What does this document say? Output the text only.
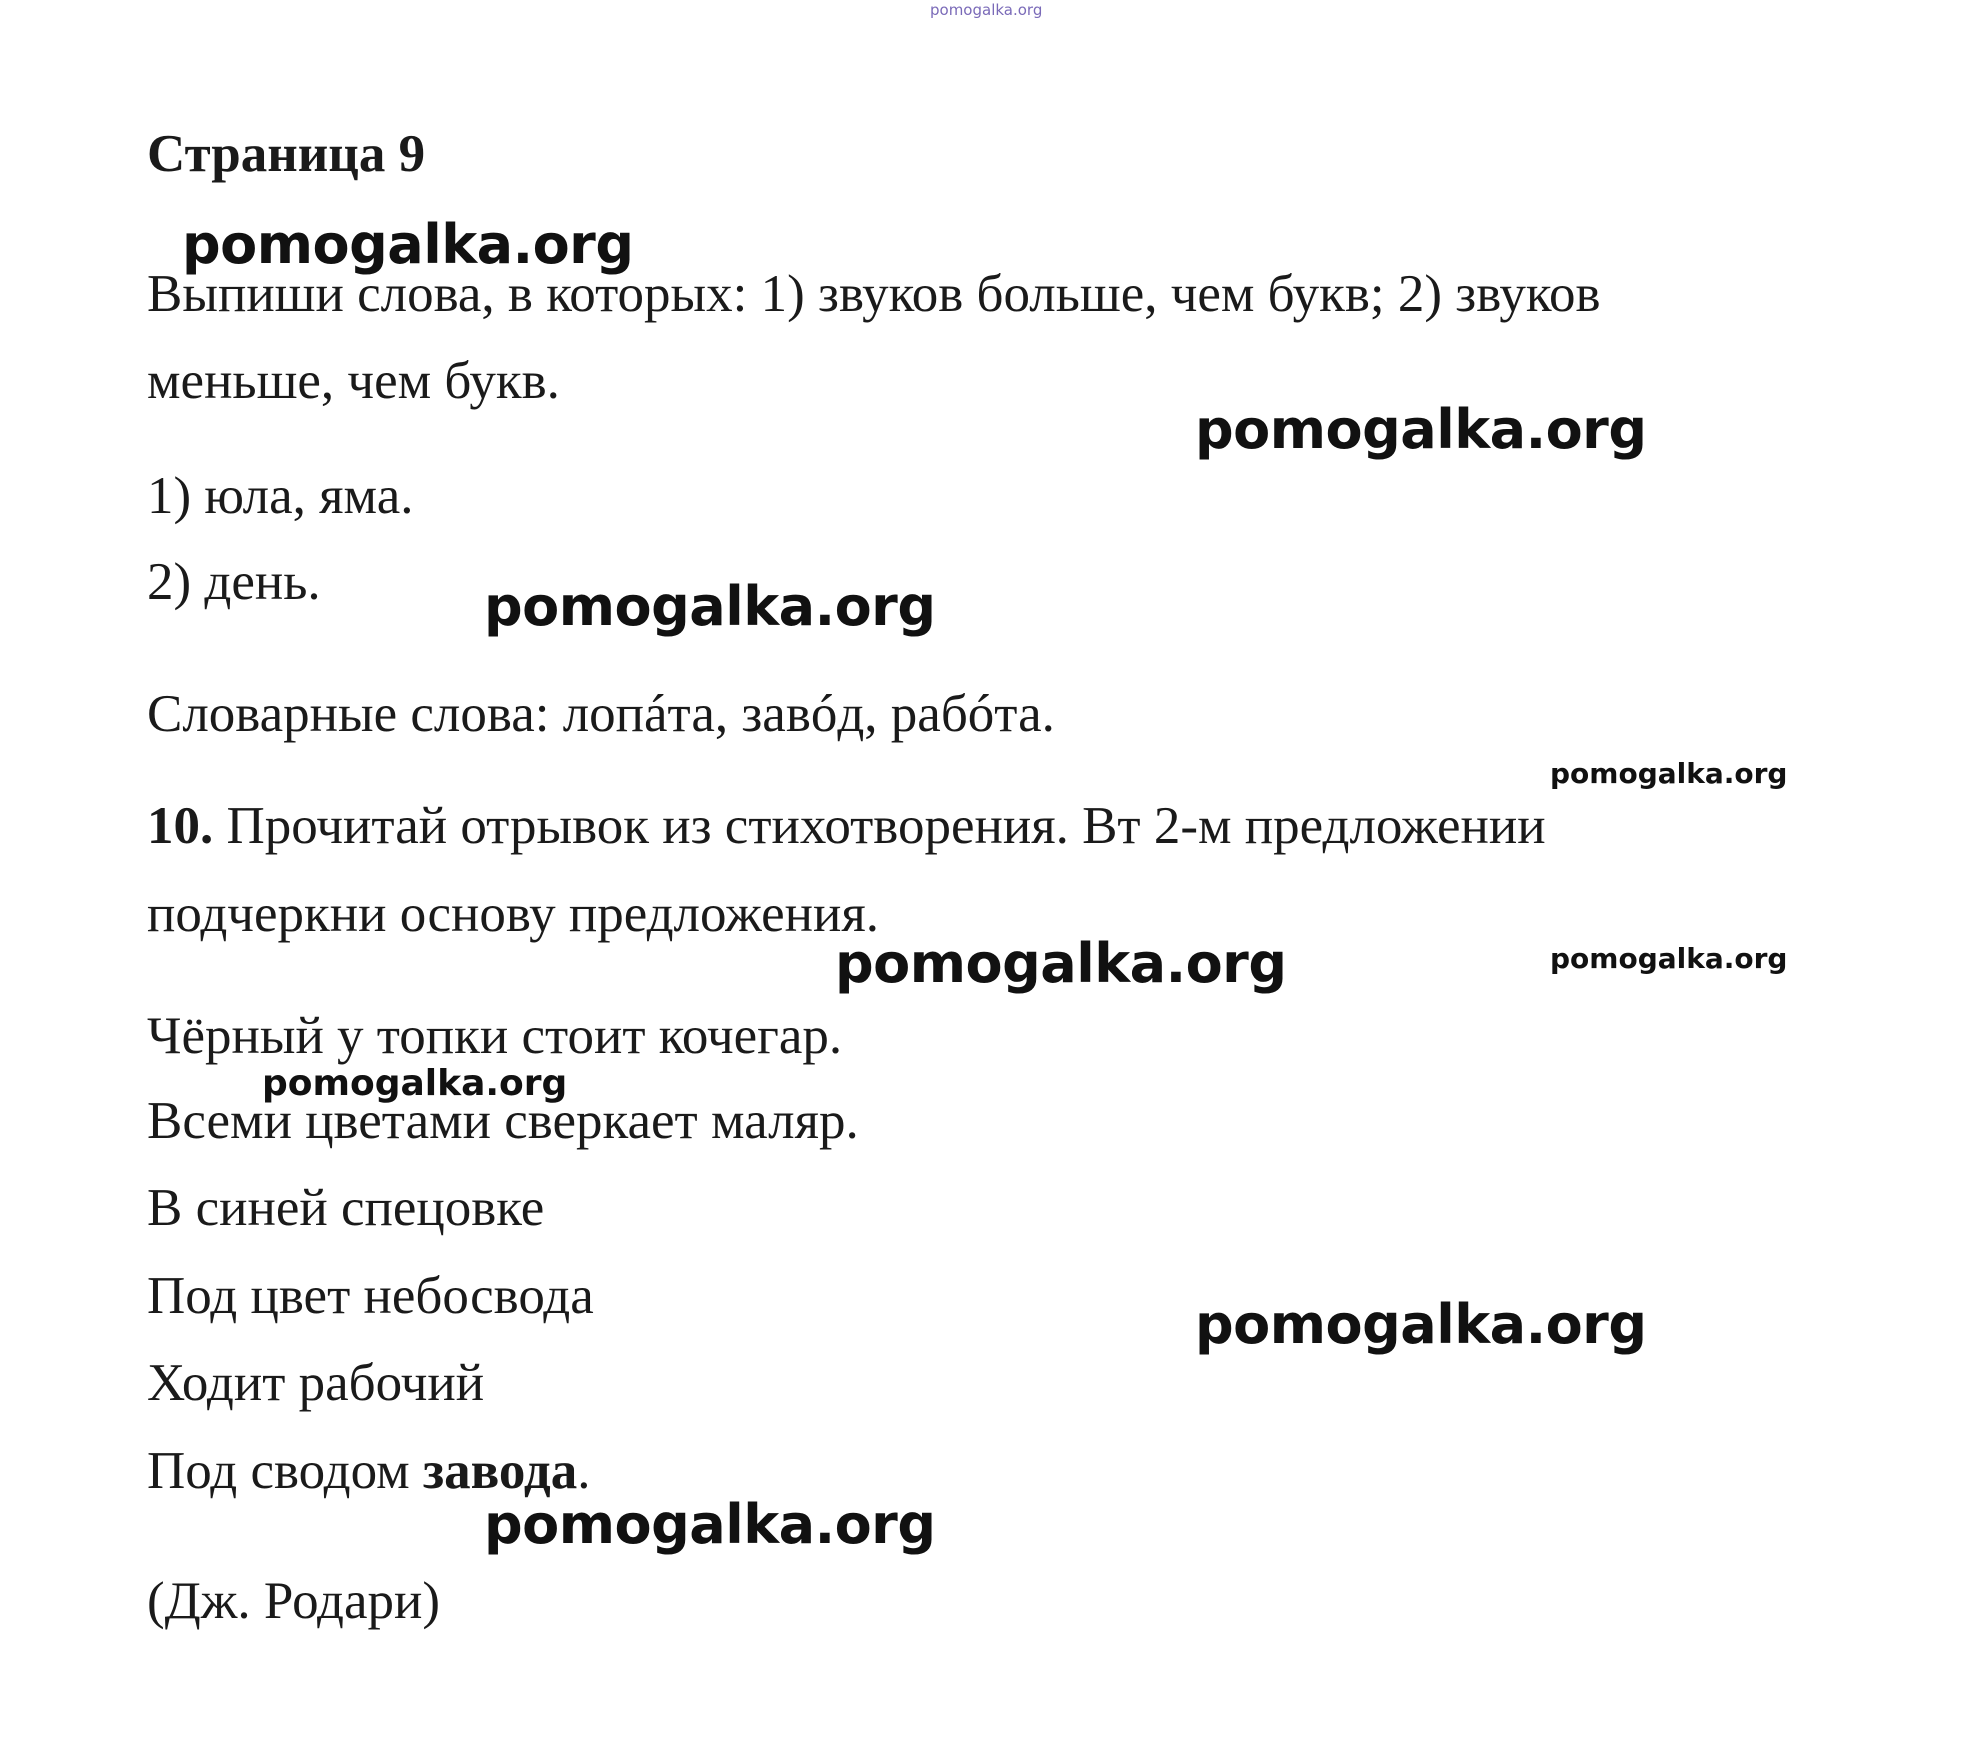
pomogalka.org
Страница 9
Выпиши слова, в которых: 1) звуков больше, чем букв; 2) звуков
меньше, чем букв.
1) юла, яма.
2) день.
Словарные слова: лопáта, завóд, рабóта.
10. Прочитай отрывок из стихотворения. Вт 2-м предложении
подчеркни основу предложения.
Чёрный у топки стоит кочегар.
Всеми цветами сверкает маляр.
В синей спецовке
Под цвет небосвода
Ходит рабочий
Под сводом завода.
(Дж. Родари)
pomogalka.org
pomogalka.org
pomogalka.org
pomogalka.org
pomogalka.org	pomogalka.org
pomogalka.org
pomogalka.org
pomogalka.org
